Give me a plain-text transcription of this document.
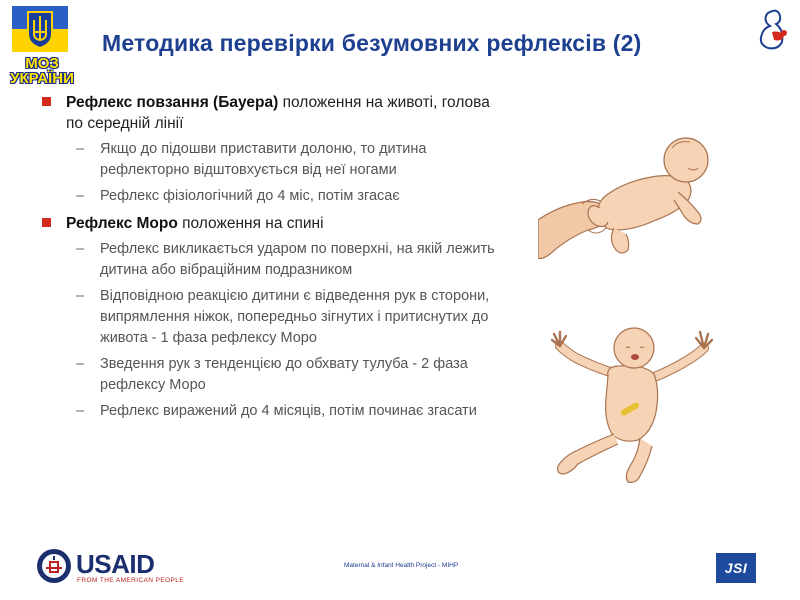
МОЗ
УКРАЇНИ
Методика перевірки безумовних рефлексів (2)
Рефлекс повзання (Бауера) положення на животі, голова по середній лінії
– Якщо до підошви приставити долоню, то дитина рефлекторно відштовхується від неї ногами
– Рефлекс фізіологічний до 4 міс, потім згасає
Рефлекс Моро положення на спині
– Рефлекс викликається ударом по поверхні, на якій лежить дитина або вібраційним подразником
– Відповідною реакцією дитини є відведення рук в сторони, випрямлення ніжок, попередньо зігнутих і притиснутих до живота - 1 фаза рефлексу Моро
– Зведення рук з тенденцією до обхвату тулуба - 2 фаза рефлексу Моро
– Рефлекс виражений до 4 місяців, потім починає згасати
USAID
FROM THE AMERICAN PEOPLE
Maternal & Infant Health Project - MIHP	JSI
